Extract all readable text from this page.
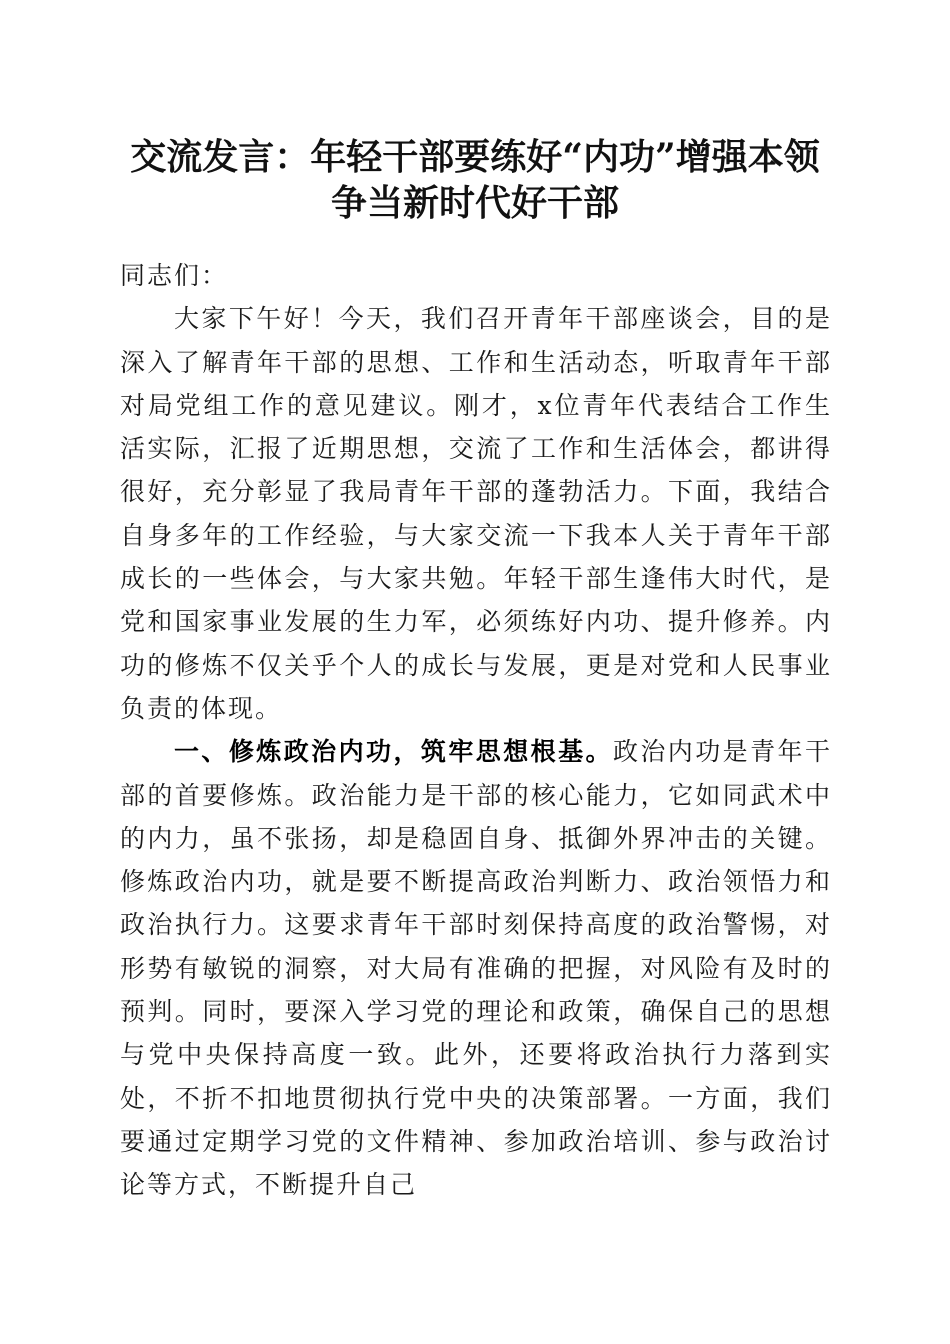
交流发言：年轻干部要练好“内功”增强本领
争当新时代好干部

同志们：

大家下午好！今天，我们召开青年干部座谈会，目的是深入了解青年干部的思想、工作和生活动态，听取青年干部对局党组工作的意见建议。刚才，x位青年代表结合工作生活实际，汇报了近期思想，交流了工作和生活体会，都讲得很好，充分彰显了我局青年干部的蓬勃活力。下面，我结合自身多年的工作经验，与大家交流一下我本人关于青年干部成长的一些体会，与大家共勉。年轻干部生逢伟大时代，是党和国家事业发展的生力军，必须练好内功、提升修养。内功的修炼不仅关乎个人的成长与发展，更是对党和人民事业负责的体现。

一、修炼政治内功，筑牢思想根基。政治内功是青年干部的首要修炼。政治能力是干部的核心能力，它如同武术中的内力，虽不张扬，却是稳固自身、抵御外界冲击的关键。修炼政治内功，就是要不断提高政治判断力、政治领悟力和政治执行力。这要求青年干部时刻保持高度的政治警惕，对形势有敏锐的洞察，对大局有准确的把握，对风险有及时的预判。同时，要深入学习党的理论和政策，确保自己的思想与党中央保持高度一致。此外，还要将政治执行力落到实处，不折不扣地贯彻执行党中央的决策部署。一方面，我们要通过定期学习党的文件精神、参加政治培训、参与政治讨论等方式，不断提升自己
